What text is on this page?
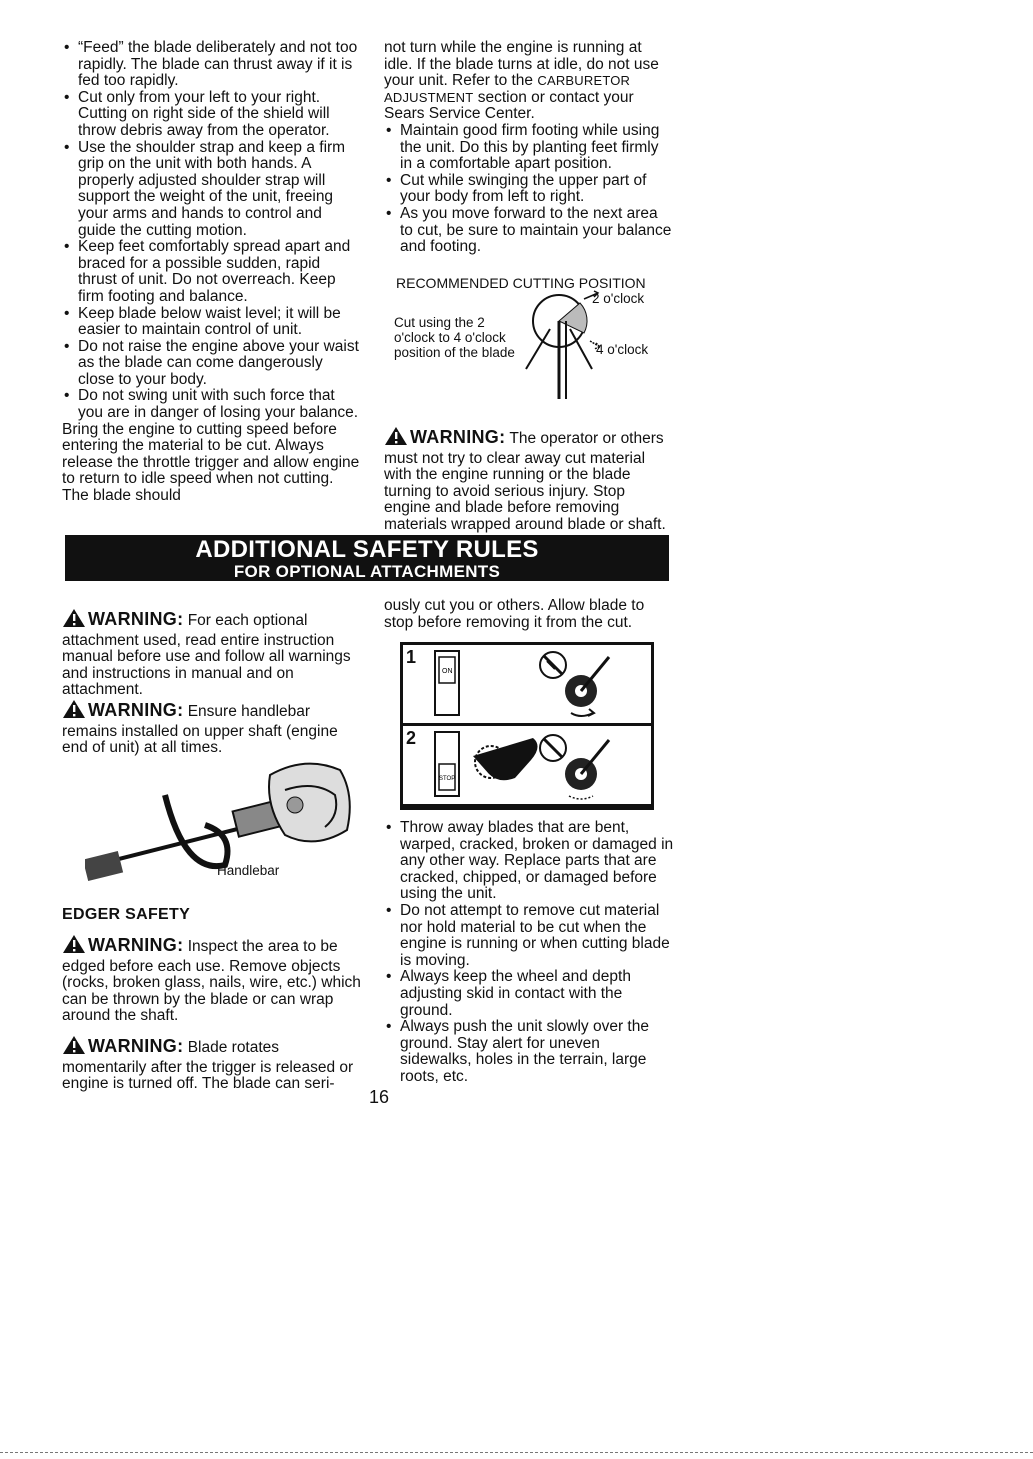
• “Feed” the blade deliberately and not too rapidly. The blade can thrust away if it is fed too rapidly.
• Cut only from your left to your right. Cutting on right side of the shield will throw debris away from the operator.
• Use the shoulder strap and keep a firm grip on the unit with both hands. A properly adjusted shoulder strap will support the weight of the unit, freeing your arms and hands to control and guide the cutting motion.
• Keep feet comfortably spread apart and braced for a possible sudden, rapid thrust of unit. Do not overreach. Keep firm footing and balance.
• Keep blade below waist level; it will be easier to maintain control of unit.
• Do not raise the engine above your waist as the blade can come dangerously close to your body.
• Do not swing unit with such force that you are in danger of losing your balance.

Bring the engine to cutting speed before entering the material to be cut. Always release the throttle trigger and allow engine to return to idle speed when not cutting. The blade should

not turn while the engine is running at idle. If the blade turns at idle, do not use your unit. Refer to the CARBURETOR ADJUSTMENT section or contact your Sears Service Center.

• Maintain good firm footing while using the unit. Do this by planting feet firmly in a comfortable apart position.
• Cut while swinging the upper part of your body from left to right.
• As you move forward to the next area to cut, be sure to maintain your balance and footing.
RECOMMENDED CUTTING POSITION
Cut using the 2 o'clock to 4 o'clock position of the blade
2 o'clock
4 o'clock

WARNING: The operator or others must not try to clear away cut material with the engine running or the blade turning to avoid serious injury. Stop engine and blade before removing materials wrapped around blade or shaft.

ADDITIONAL SAFETY RULES
FOR OPTIONAL ATTACHMENTS

WARNING: For each optional attachment used, read entire instruction manual before use and follow all warnings and instructions in manual and on attachment.

WARNING: Ensure handlebar remains installed on upper shaft (engine end of unit) at all times.

Handlebar
EDGER SAFETY

WARNING: Inspect the area to be edged before each use. Remove objects (rocks, broken glass, nails, wire, etc.) which can be thrown by the blade or can wrap around the shaft.

WARNING: Blade rotates momentarily after the trigger is released or engine is turned off. The blade can seri-

ously cut you or others. Allow blade to stop before removing it from the cut.

1
ON
2
STOP
• Throw away blades that are bent, warped, cracked, broken or damaged in any other way. Replace parts that are cracked, chipped, or damaged before using the unit.
• Do not attempt to remove cut material nor hold material to be cut when the engine is running or when cutting blade is moving.
• Always keep the wheel and depth adjusting skid in contact with the ground.
• Always push the unit slowly over the ground. Stay alert for uneven sidewalks, holes in the terrain, large roots, etc.
16
